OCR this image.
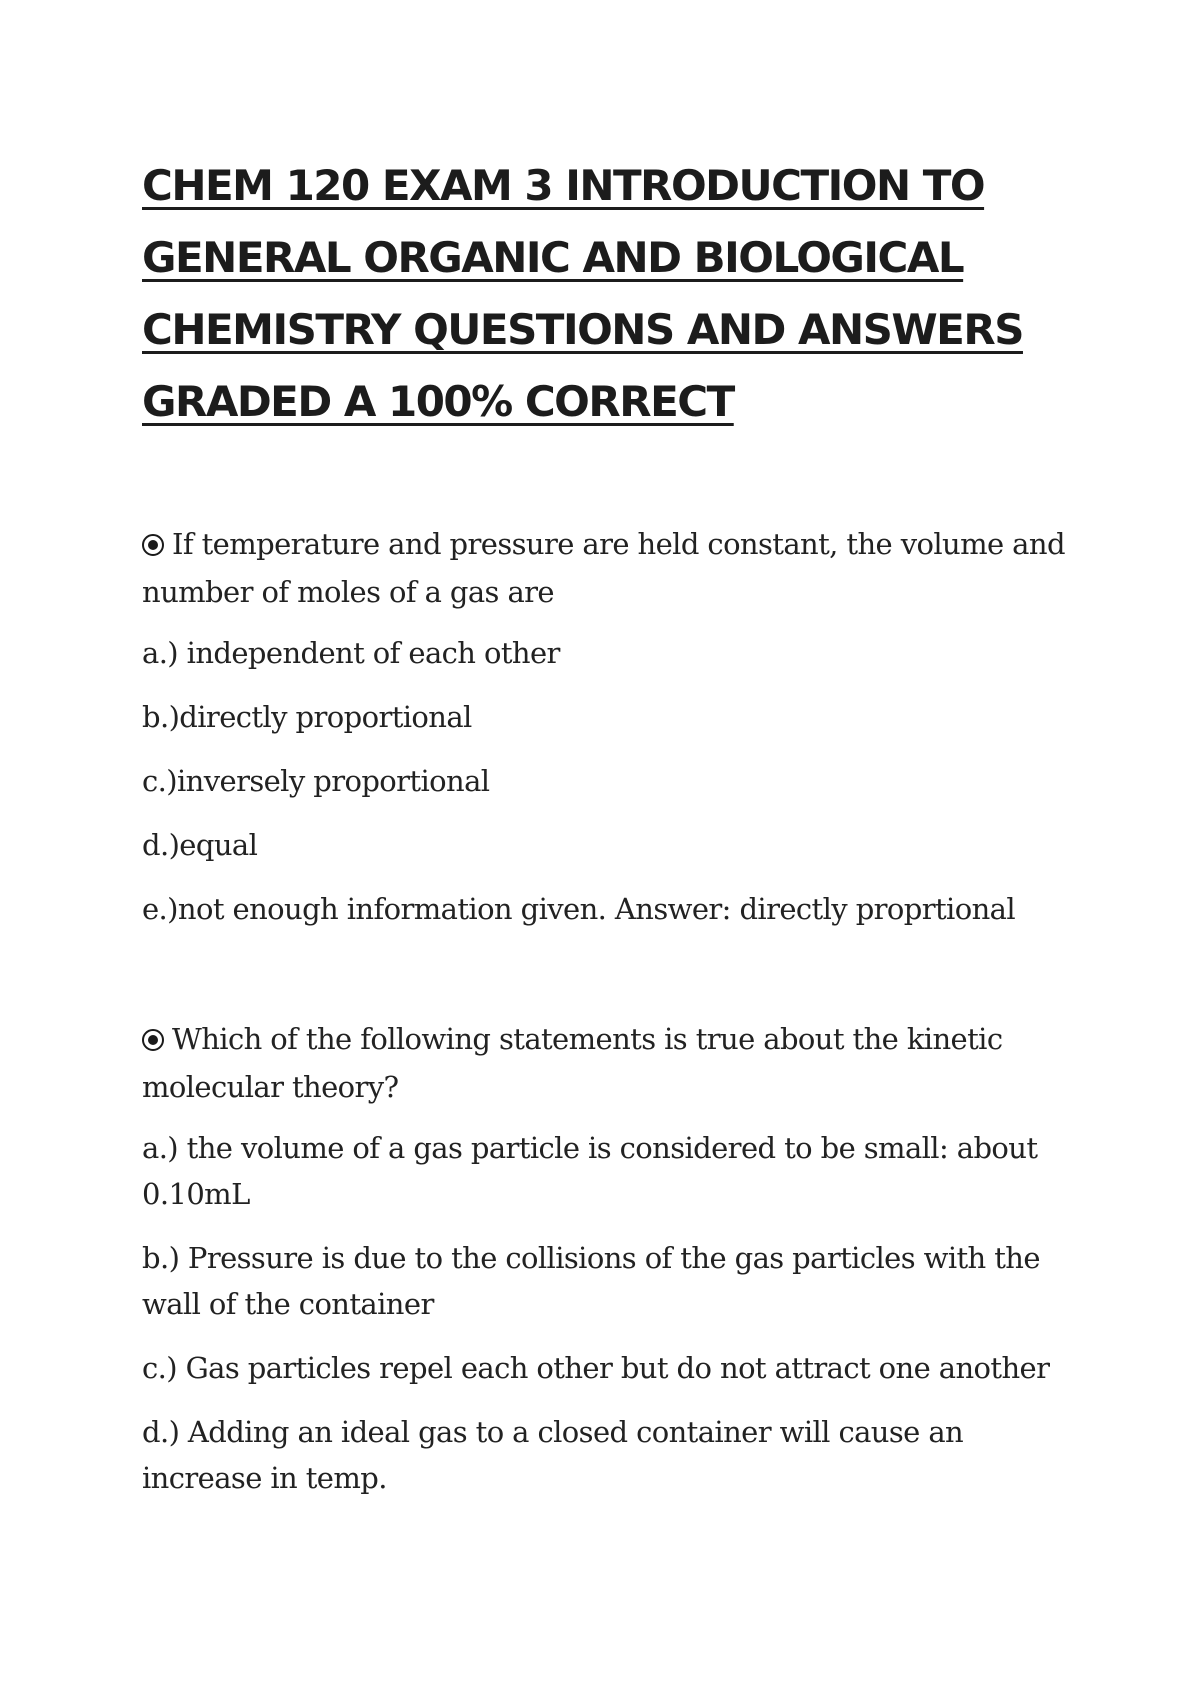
CHEM 120 EXAM 3 INTRODUCTION TO
GENERAL ORGANIC AND BIOLOGICAL
CHEMISTRY QUESTIONS AND ANSWERS
GRADED A 100% CORRECT

If temperature and pressure are held constant, the volume and number of moles of a gas are

a.) independent of each other

b.)directly proportional

c.)inversely proportional

d.)equal

e.)not enough information given. Answer: directly proprtional

Which of the following statements is true about the kinetic molecular theory?

a.) the volume of a gas particle is considered to be small: about 0.10mL

b.) Pressure is due to the collisions of the gas particles with the wall of the container

c.) Gas particles repel each other but do not attract one another

d.) Adding an ideal gas to a closed container will cause an increase in temp.
